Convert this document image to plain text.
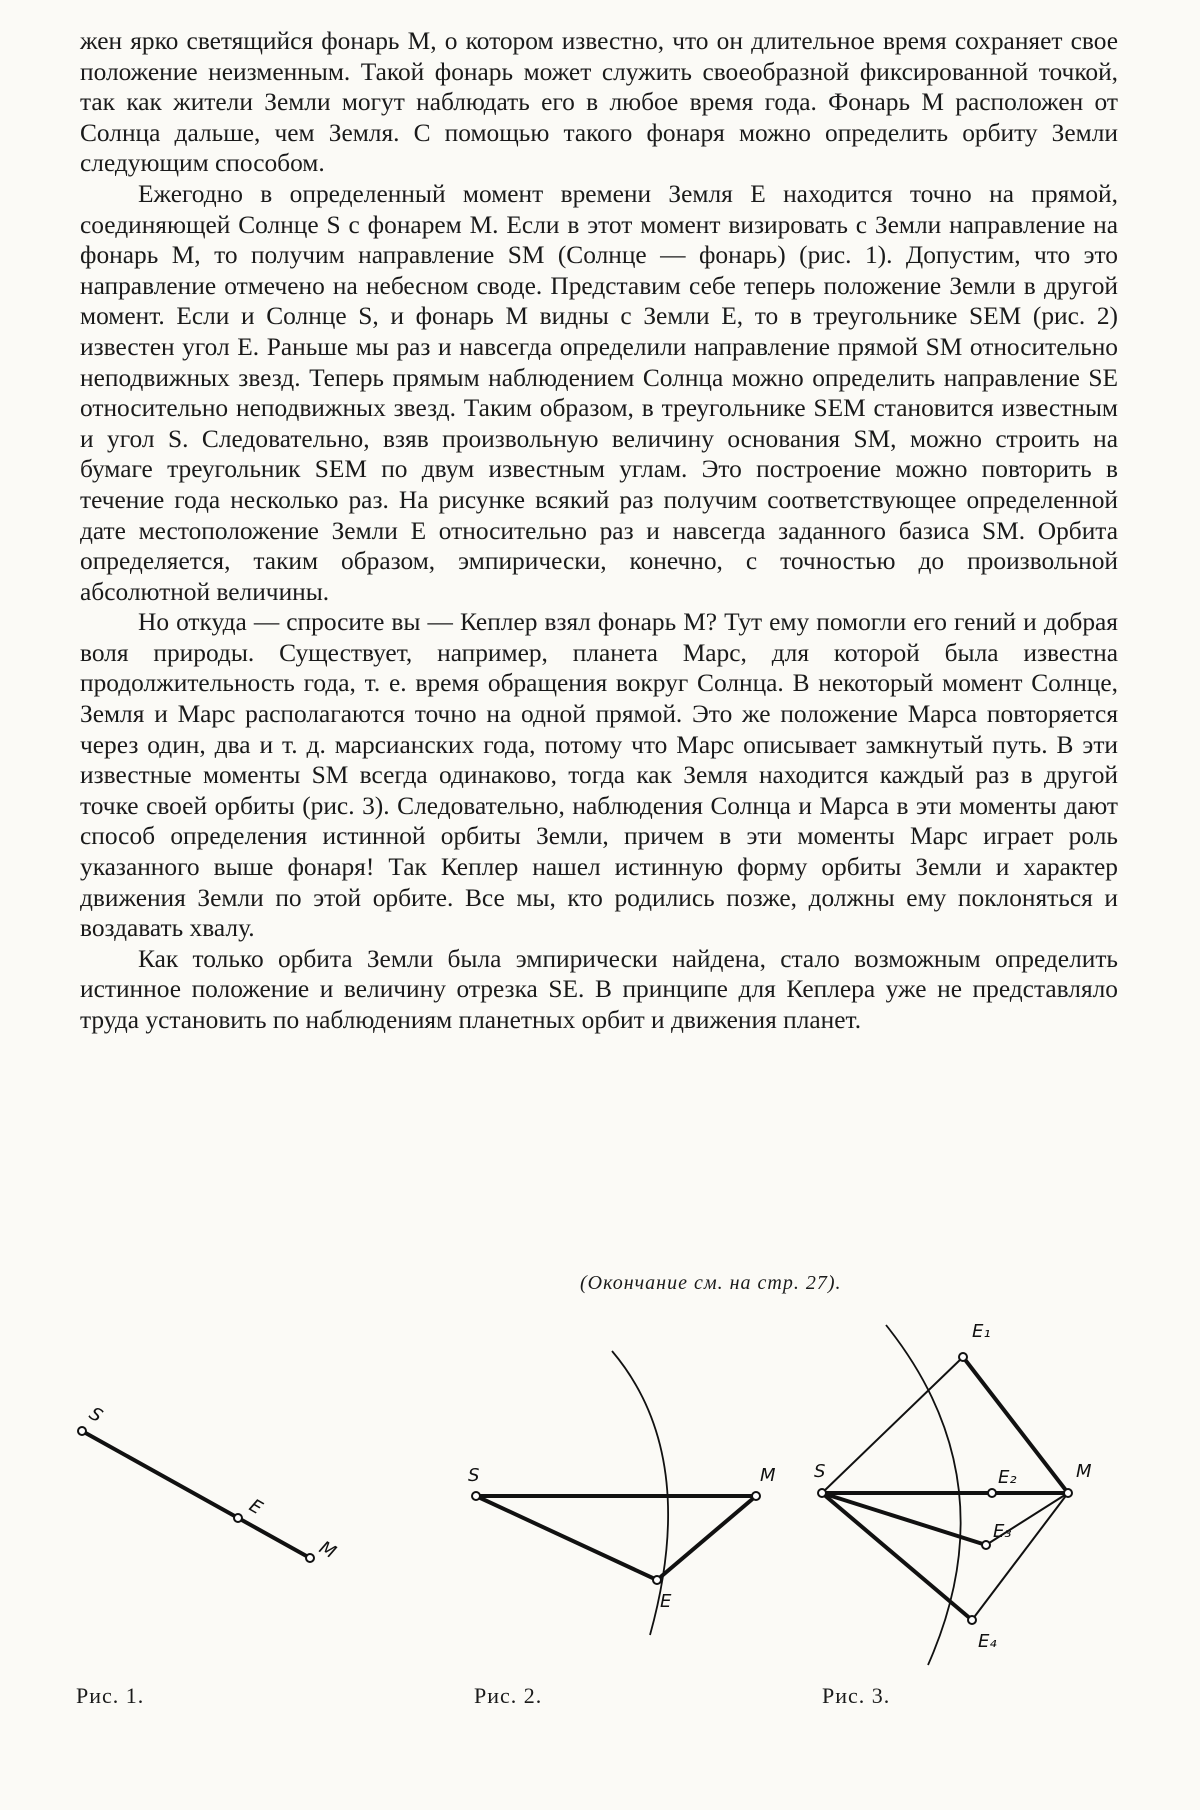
жен ярко светящийся фонарь М, о котором известно, что он длительное время сохраняет свое положение неизменным. Такой фонарь может служить своеобразной фиксированной точкой, так как жители Земли могут наблюдать его в любое время года. Фонарь М расположен от Солнца дальше, чем Земля. С помощью такого фонаря можно определить орбиту Земли следующим способом.

Ежегодно в определенный момент времени Земля Е находится точно на прямой, соединяющей Солнце S с фонарем М. Если в этот момент визировать с Земли направление на фонарь М, то получим направление SM (Солнце — фонарь) (рис. 1). Допустим, что это направление отмечено на небесном своде. Представим себе теперь положение Земли в другой момент. Если и Солнце S, и фонарь М видны с Земли Е, то в треугольнике SEM (рис. 2) известен угол Е. Раньше мы раз и навсегда определили направление прямой SM относительно неподвижных звезд. Теперь прямым наблюдением Солнца можно определить направление SE относительно неподвижных звезд. Таким образом, в треугольнике SEM становится известным и угол S. Следовательно, взяв произвольную величину основания SM, можно строить на бумаге треугольник SEM по двум известным углам. Это построение можно повторить в течение года несколько раз. На рисунке всякий раз получим соответствующее определенной дате местоположение Земли Е относительно раз и навсегда заданного базиса SM. Орбита определяется, таким образом, эмпирически, конечно, с точностью до произвольной абсолютной величины.

Но откуда — спросите вы — Кеплер взял фонарь М? Тут ему помогли его гений и добрая воля природы. Существует, например, планета Марс, для которой была известна продолжительность года, т. е. время обращения вокруг Солнца. В некоторый момент Солнце, Земля и Марс располагаются точно на одной прямой. Это же положение Марса повторяется через один, два и т. д. марсианских года, потому что Марс описывает замкнутый путь. В эти известные моменты SM всегда одинаково, тогда как Земля находится каждый раз в другой точке своей орбиты (рис. 3). Следовательно, наблюдения Солнца и Марса в эти моменты дают способ определения истинной орбиты Земли, причем в эти моменты Марс играет роль указанного выше фонаря! Так Кеплер нашел истинную форму орбиты Земли и характер движения Земли по этой орбите. Все мы, кто родились позже, должны ему поклоняться и воздавать хвалу.

Как только орбита Земли была эмпирически найдена, стало возможным определить истинное положение и величину отрезка SE. В принципе для Кеплера уже не представляло труда установить по наблюдениям планетных орбит и движения планет.

(Окончание см. на стр. 27).
S
E
M
S	M
E
S	M
E₁
E₂
E₃
E₄
Рис. 1.	Рис. 2.	Рис. 3.
